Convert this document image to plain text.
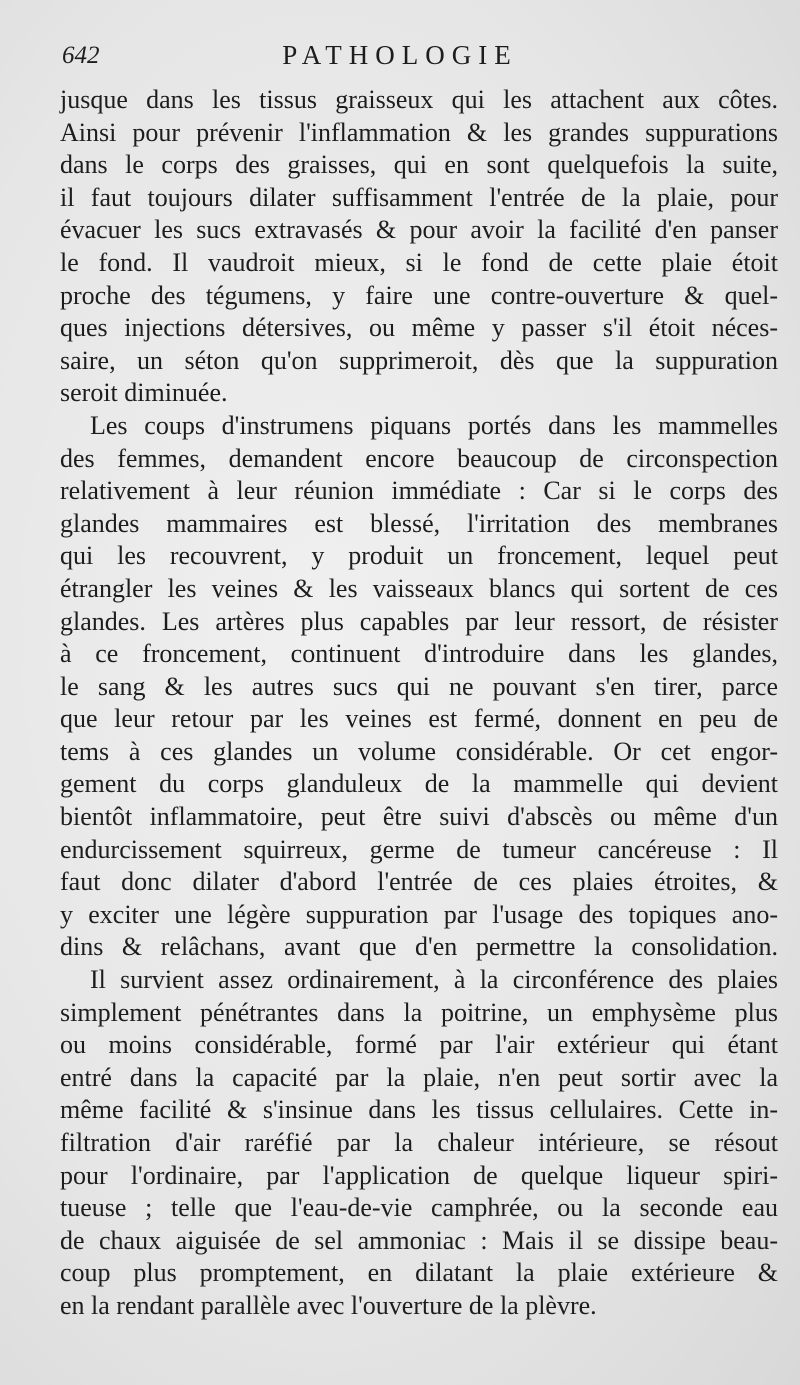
642	PATHOLOGIE

jusque dans les tissus graisseux qui les attachent aux côtes.
Ainsi pour prévenir l'inflammation & les grandes suppurations
dans le corps des graisses, qui en sont quelquefois la suite,
il faut toujours dilater suffisamment l'entrée de la plaie, pour
évacuer les sucs extravasés & pour avoir la facilité d'en panser
le fond. Il vaudroit mieux, si le fond de cette plaie étoit
proche des tégumens, y faire une contre-ouverture & quel-
ques injections détersives, ou même y passer s'il étoit néces-
saire, un séton qu'on supprimeroit, dès que la suppuration
seroit diminuée.

Les coups d'instrumens piquans portés dans les mammelles
des femmes, demandent encore beaucoup de circonspection
relativement à leur réunion immédiate : Car si le corps des
glandes mammaires est blessé, l'irritation des membranes
qui les recouvrent, y produit un froncement, lequel peut
étrangler les veines & les vaisseaux blancs qui sortent de ces
glandes. Les artères plus capables par leur ressort, de résister
à ce froncement, continuent d'introduire dans les glandes,
le sang & les autres sucs qui ne pouvant s'en tirer, parce
que leur retour par les veines est fermé, donnent en peu de
tems à ces glandes un volume considérable. Or cet engor-
gement du corps glanduleux de la mammelle qui devient
bientôt inflammatoire, peut être suivi d'abscès ou même d'un
endurcissement squirreux, germe de tumeur cancéreuse : Il
faut donc dilater d'abord l'entrée de ces plaies étroites, &
y exciter une légère suppuration par l'usage des topiques ano-
dins & relâchans, avant que d'en permettre la consolidation.

Il survient assez ordinairement, à la circonférence des plaies
simplement pénétrantes dans la poitrine, un emphysème plus
ou moins considérable, formé par l'air extérieur qui étant
entré dans la capacité par la plaie, n'en peut sortir avec la
même facilité & s'insinue dans les tissus cellulaires. Cette in-
filtration d'air raréfié par la chaleur intérieure, se résout
pour l'ordinaire, par l'application de quelque liqueur spiri-
tueuse ; telle que l'eau-de-vie camphrée, ou la seconde eau
de chaux aiguisée de sel ammoniac : Mais il se dissipe beau-
coup plus promptement, en dilatant la plaie extérieure &
en la rendant parallèle avec l'ouverture de la plèvre.
